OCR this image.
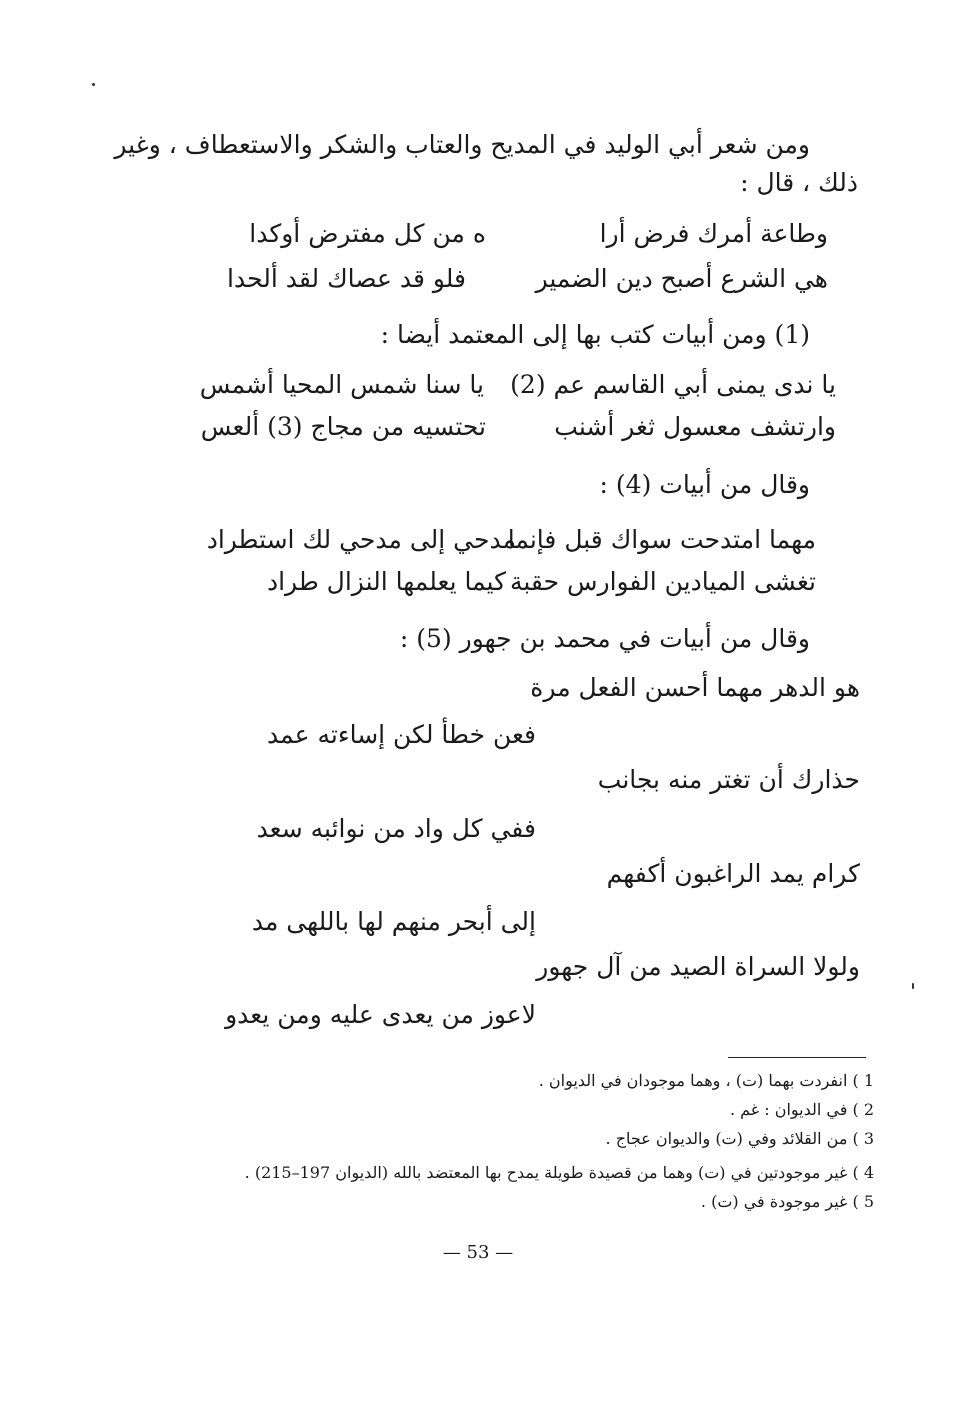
ومن شعر أبي الوليد في المديح والعتاب والشكر والاستعطاف ، وغير
ذلك ، قال :
وطاعة أمرك فرض أرا
ه من كل مفترض أوكدا
هي الشرع أصبح دين الضمير
فلو قد عصاك لقد ألحدا
(1) ومن أبيات كتب بها إلى المعتمد أيضا :
يا ندى يمنى أبي القاسم عم (2)
يا سنا شمس المحيا أشمس
وارتشف معسول ثغر أشنب
تحتسيه من مجاج (3) ألعس
وقال من أبيات (4) :
مهما امتدحت سواك قبل فإنما
مدحي إلى مدحي لك استطراد
تغشى الميادين الفوارس حقبة
كيما يعلمها النزال طراد
وقال من أبيات في محمد بن جهور (5) :
هو الدهر مهما أحسن الفعل مرة
فعن خطأ لكن إساءته عمد
حذارك أن تغتر منه بجانب
ففي كل واد من نوائبه سعد
كرام يمد الراغبون أكفهم
إلى أبحر منهم لها باللهى مد
ولولا السراة الصيد من آل جهور
لاعوز من يعدى عليه ومن يعدو
1 ) انفردت بهما (ت) ، وهما موجودان في الديوان .
2 ) في الديوان : غم .
3 ) من القلائد وفي (ت) والديوان عجاج .
4 ) غير موجودتين في (ت) وهما من قصيدة طويلة يمدح بها المعتضد بالله (الديوان 197–215) .
5 ) غير موجودة في (ت) .
— 53 —
